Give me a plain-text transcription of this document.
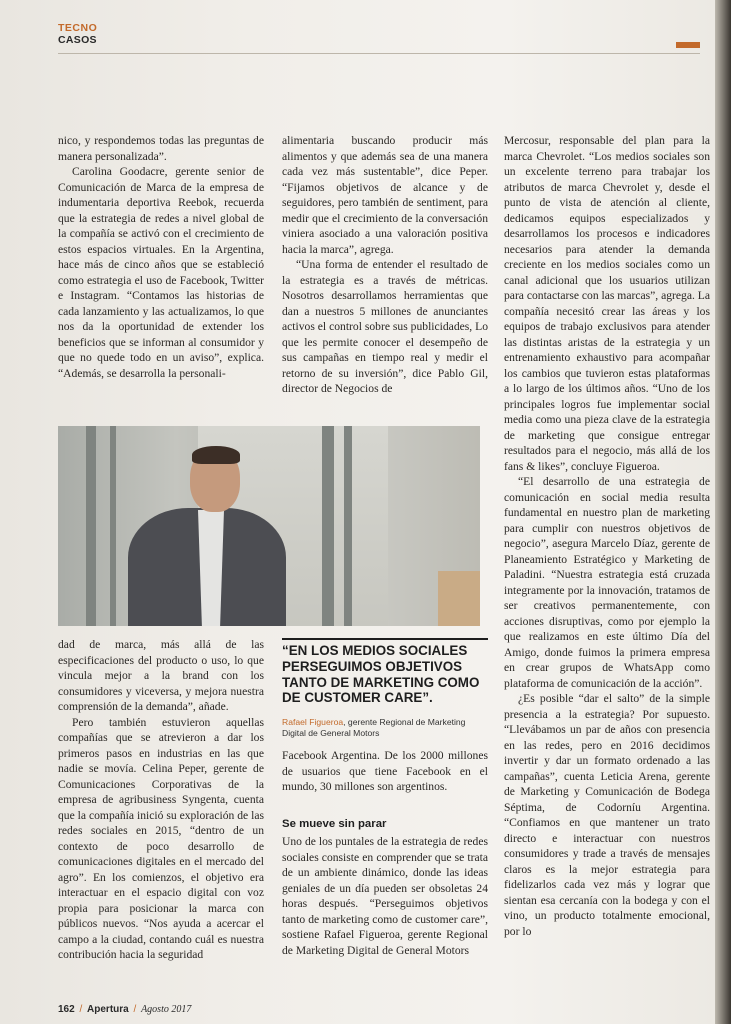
TECNO
CASOS

nico, y respondemos todas las preguntas de manera personalizada”.

Carolina Goodacre, gerente senior de Comunicación de Marca de la empresa de indumentaria deportiva Reebok, recuerda que la estrategia de redes a nivel global de la compañía se activó con el crecimiento de estos espacios virtuales. En la Argentina, hace más de cinco años que se estableció como estrategia el uso de Facebook, Twitter e Instagram. “Contamos las historias de cada lanzamiento y las actualizamos, lo que nos da la oportunidad de extender los beneficios que se informan al consumidor y que no quede todo en un aviso”, explica. “Además, se desarrolla la personali-

alimentaria buscando producir más alimentos y que además sea de una manera cada vez más sustentable”, dice Peper. “Fijamos objetivos de alcance y de seguidores, pero también de sentiment, para medir que el crecimiento de la conversación viniera asociado a una valoración positiva hacia la marca”, agrega.

“Una forma de entender el resultado de la estrategia es a través de métricas. Nosotros desarrollamos herramientas que dan a nuestros 5 millones de anunciantes activos el control sobre sus publicidades, Lo que les permite conocer el desempeño de sus campañas en tiempo real y medir el retorno de su inversión”, dice Pablo Gil, director de Negocios de

Mercosur, responsable del plan para la marca Chevrolet. “Los medios sociales son un excelente terreno para trabajar los atributos de marca Chevrolet y, desde el punto de vista de atención al cliente, dedicamos equipos especializados y desarrollamos los procesos e indicadores necesarios para atender la demanda creciente en los medios sociales como un canal adicional que los usuarios utilizan para contactarse con las marcas”, agrega. La compañía necesitó crear las áreas y los equipos de trabajo exclusivos para atender las distintas aristas de la estrategia y un entrenamiento exhaustivo para acompañar los cambios que tuvieron estas plataformas a lo largo de los últimos años. “Uno de los principales logros fue implementar social media como una pieza clave de la estrategia de marketing que consigue entregar resultados para el negocio, más allá de los fans & likes”, concluye Figueroa.

“El desarrollo de una estrategia de comunicación en social media resulta fundamental en nuestro plan de marketing para cumplir con nuestros objetivos de negocio”, asegura Marcelo Díaz, gerente de Planeamiento Estratégico y Marketing de Paladini. “Nuestra estrategia está cruzada integramente por la innovación, tratamos de ser creativos permanentemente, con acciones disruptivas, como por ejemplo la que realizamos en este último Día del Amigo, donde fuimos la primera empresa en crear grupos de WhatsApp como plataforma de comunicación de la acción”.

¿Es posible “dar el salto” de la simple presencia a la estrategia? Por supuesto. “Llevábamos un par de años con presencia en las redes, pero en 2016 decidimos invertir y dar un formato ordenado a las campañas”, cuenta Leticia Arena, gerente de Marketing y Comunicación de Bodega Séptima, de Codorníu Argentina. “Confiamos en que mantener un trato directo e interactuar con nuestros consumidores y trade a través de mensajes claros es la mejor estrategia para fidelizarlos cada vez más y lograr que sientan esa cercanía con la bodega y con el vino, un producto totalmente emocional, por lo

dad de marca, más allá de las especificaciones del producto o uso, lo que vincula mejor a la brand con los consumidores y viceversa, y mejora nuestra comprensión de la demanda”, añade.

Pero también estuvieron aquellas compañías que se atrevieron a dar los primeros pasos en industrias en las que nadie se movía. Celina Peper, gerente de Comunicaciones Corporativas de la empresa de agribusiness Syngenta, cuenta que la compañía inició su exploración de las redes sociales en 2015, “dentro de un contexto de poco desarrollo de comunicaciones digitales en el mercado del agro”. En los comienzos, el objetivo era interactuar en el espacio digital con voz propia para posicionar la marca con públicos nuevos. “Nos ayuda a acercar el campo a la ciudad, contando cuál es nuestra contribución hacia la seguridad

“EN LOS MEDIOS SOCIALES PERSEGUIMOS OBJETIVOS TANTO DE MARKETING COMO DE CUSTOMER CARE”.
Rafael Figueroa, gerente Regional de Marketing Digital de General Motors

Facebook Argentina. De los 2000 millones de usuarios que tiene Facebook en el mundo, 30 millones son argentinos.

Se mueve sin parar

Uno de los puntales de la estrategia de redes sociales consiste en comprender que se trata de un ambiente dinámico, donde las ideas geniales de un día pueden ser obsoletas 24 horas después. “Perseguimos objetivos tanto de marketing como de customer care”, sostiene Rafael Figueroa, gerente Regional de Marketing Digital de General Motors

162 / Apertura / Agosto 2017
